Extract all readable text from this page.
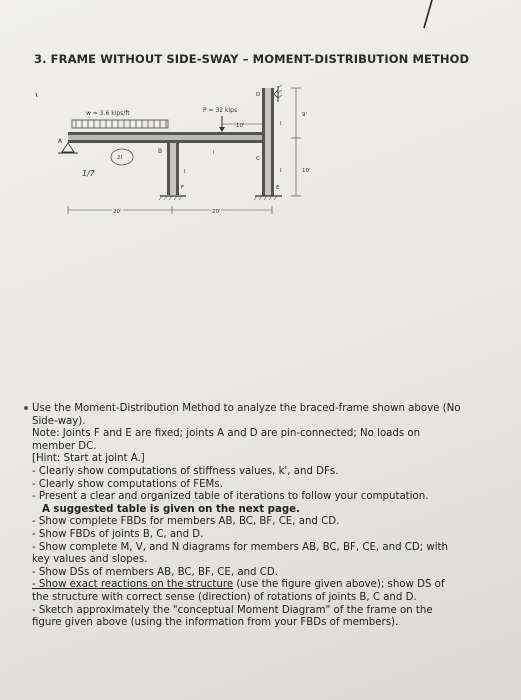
3. FRAME WITHOUT SIDE-SWAY – MOMENT-DISTRIBUTION METHOD
w = 3.6 kips/ft	P = 32 kips
10'
A
2I
B
F
I
I
D
C
E
I
I
9'
10'
20'	20'
1/7
Use the Moment-Distribution Method to analyze the braced-frame shown above (No
Side-way).
Note: Joints F and E are fixed; joints A and D are pin-connected; No loads on
member DC.
[Hint: Start at joint A.]
- Clearly show computations of stiffness values, k', and DFs.
- Clearly show computations of FEMs.
- Present a clear and organized table of iterations to follow your computation.
A suggested table is given on the next page.
- Show complete FBDs for members AB, BC, BF, CE, and CD.
- Show FBDs of joints B, C, and D.
- Show complete M, V, and N diagrams for members AB, BC, BF, CE, and CD; with
key values and slopes.
- Show DSs of members AB, BC, BF, CE, and CD.
- Show exact reactions on the structure (use the figure given above); show DS of
the structure with correct sense (direction) of rotations of joints B, C and D.
- Sketch approximately the "conceptual Moment Diagram" of the frame on the
figure given above (using the information from your FBDs of members).
